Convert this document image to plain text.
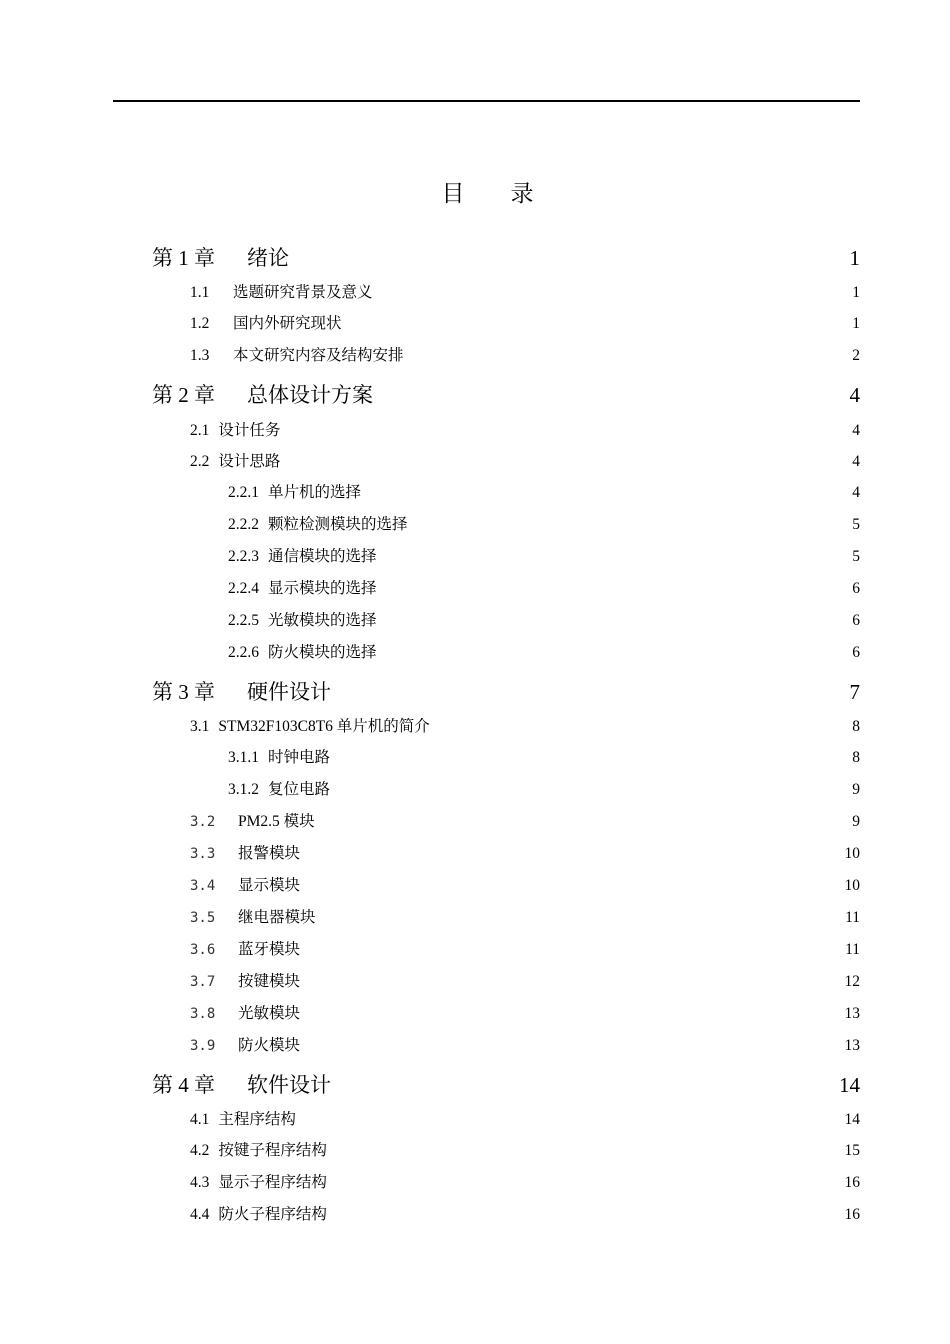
目　　录
第 1 章	绪论	1
1.1	选题研究背景及意义	1
1.2	国内外研究现状	1
1.3	本文研究内容及结构安排	2
第 2 章	总体设计方案	4
2.1 设计任务	4
2.2 设计思路	4
2.2.1 单片机的选择	4
2.2.2 颗粒检测模块的选择	5
2.2.3 通信模块的选择	5
2.2.4 显示模块的选择	6
2.2.5 光敏模块的选择	6
2.2.6 防火模块的选择	6
第 3 章	硬件设计	7
3.1 STM32F103C8T6 单片机的简介	8
3.1.1 时钟电路	8
3.1.2 复位电路	9
3.2	PM2.5 模块	9
3.3	报警模块	10
3.4	显示模块	10
3.5	继电器模块	11
3.6	蓝牙模块	11
3.7	按键模块	12
3.8	光敏模块	13
3.9	防火模块	13
第 4 章	软件设计	14
4.1 主程序结构	14
4.2 按键子程序结构	15
4.3 显示子程序结构	16
4.4 防火子程序结构	16
